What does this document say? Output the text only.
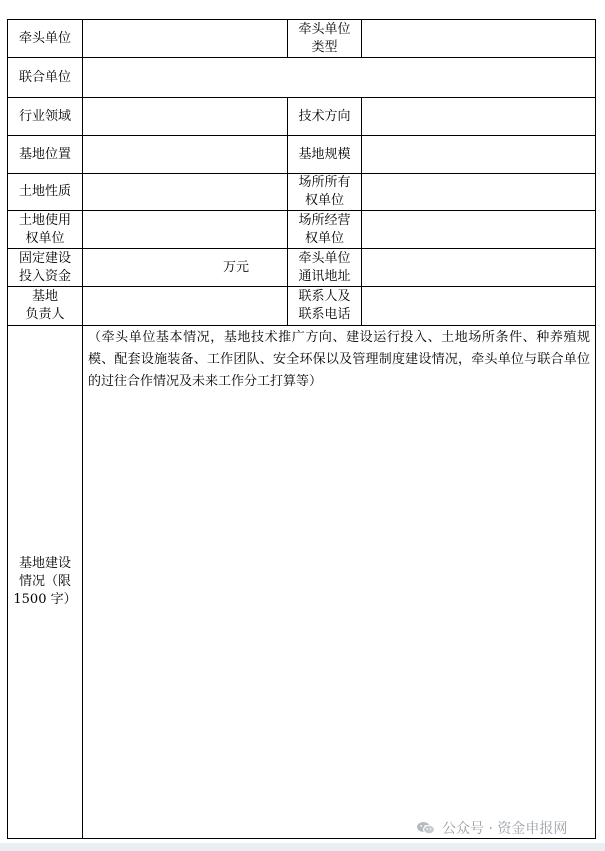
牵头单位
牵头单位
类型
联合单位
行业领域	技术方向
基地位置	基地规模
土地性质
场所所有
权单位
土地使用
权单位
场所经营
权单位
固定建设
投入资金
万元
牵头单位
通讯地址
基地
负责人
联系人及
联系电话
基地建设
情况（限
1500 字）
（牵头单位基本情况，基地技术推广方向、建设运行投入、土地场所条件、种养殖规模、配套设施装备、工作团队、安全环保以及管理制度建设情况，牵头单位与联合单位的过往合作情况及未来工作分工打算等）
公众号 · 资金申报网
